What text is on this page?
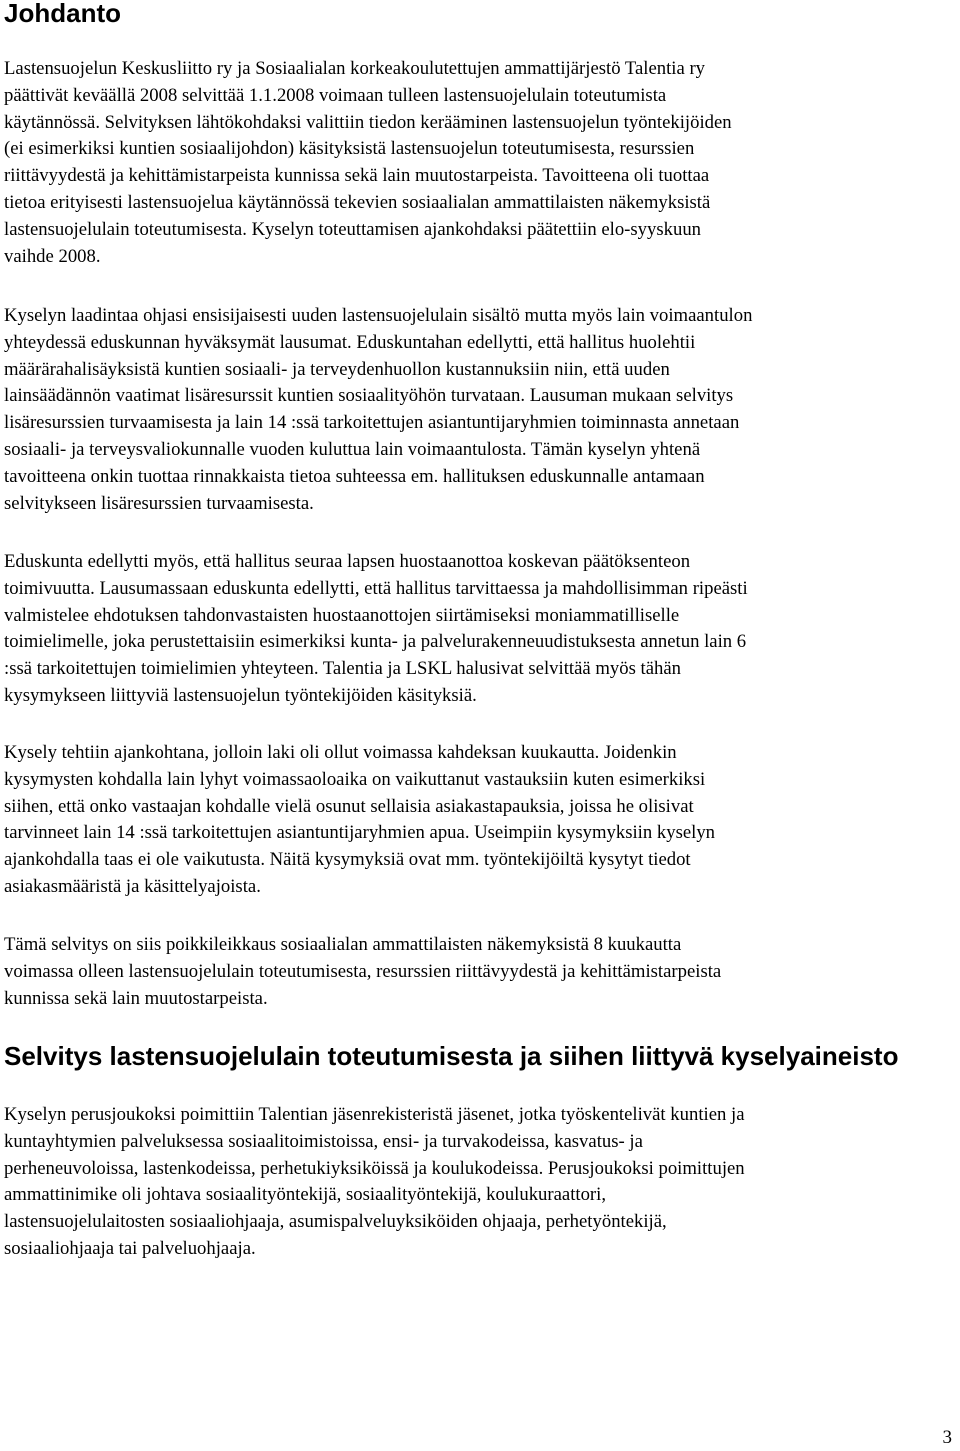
Johdanto
Lastensuojelun Keskusliitto ry ja Sosiaalialan korkeakoulutettujen ammattijärjestö Talentia ry
päättivät keväällä 2008 selvittää 1.1.2008 voimaan tulleen lastensuojelulain toteutumista
käytännössä. Selvityksen lähtökohdaksi valittiin tiedon kerääminen lastensuojelun työntekijöiden
(ei esimerkiksi kuntien sosiaalijohdon) käsityksistä lastensuojelun toteutumisesta, resurssien
riittävyydestä ja kehittämistarpeista kunnissa sekä lain muutostarpeista. Tavoitteena oli tuottaa
tietoa erityisesti lastensuojelua käytännössä tekevien sosiaalialan ammattilaisten näkemyksistä
lastensuojelulain toteutumisesta. Kyselyn toteuttamisen ajankohdaksi päätettiin elo-syyskuun
vaihde 2008.
Kyselyn laadintaa ohjasi ensisijaisesti uuden lastensuojelulain sisältö mutta myös lain voimaantulon
yhteydessä eduskunnan hyväksymät lausumat. Eduskuntahan edellytti, että hallitus huolehtii
määrärahalisäyksistä kuntien sosiaali- ja terveydenhuollon kustannuksiin niin, että uuden
lainsäädännön vaatimat lisäresurssit kuntien sosiaalityöhön turvataan. Lausuman mukaan selvitys
lisäresurssien turvaamisesta ja lain 14 :ssä tarkoitettujen asiantuntijaryhmien toiminnasta annetaan
sosiaali- ja terveysvaliokunnalle vuoden kuluttua lain voimaantulosta. Tämän kyselyn yhtenä
tavoitteena onkin tuottaa rinnakkaista tietoa suhteessa em. hallituksen eduskunnalle antamaan
selvitykseen lisäresurssien turvaamisesta.
Eduskunta edellytti myös, että hallitus seuraa lapsen huostaanottoa koskevan päätöksenteon
toimivuutta. Lausumassaan eduskunta edellytti, että hallitus tarvittaessa ja mahdollisimman ripeästi
valmistelee ehdotuksen tahdonvastaisten huostaanottojen siirtämiseksi moniammatilliselle
toimielimelle, joka perustettaisiin esimerkiksi kunta- ja palvelurakenneuudistuksesta annetun lain 6
:ssä tarkoitettujen toimielimien yhteyteen. Talentia ja LSKL halusivat selvittää myös tähän
kysymykseen liittyviä lastensuojelun työntekijöiden käsityksiä.
Kysely tehtiin ajankohtana, jolloin laki oli ollut voimassa kahdeksan kuukautta. Joidenkin
kysymysten kohdalla lain lyhyt voimassaoloaika on vaikuttanut vastauksiin kuten esimerkiksi
siihen, että onko vastaajan kohdalle vielä osunut sellaisia asiakastapauksia, joissa he olisivat
tarvinneet lain 14 :ssä tarkoitettujen asiantuntijaryhmien apua. Useimpiin kysymyksiin kyselyn
ajankohdalla taas ei ole vaikutusta. Näitä kysymyksiä ovat mm. työntekijöiltä kysytyt tiedot
asiakasmääristä ja käsittelyajoista.
Tämä selvitys on siis poikkileikkaus sosiaalialan ammattilaisten näkemyksistä 8 kuukautta
voimassa olleen lastensuojelulain toteutumisesta, resurssien riittävyydestä ja kehittämistarpeista
kunnissa sekä lain muutostarpeista.
Selvitys lastensuojelulain toteutumisesta ja siihen liittyvä kyselyaineisto
Kyselyn perusjoukoksi poimittiin Talentian jäsenrekisteristä jäsenet, jotka työskentelivät kuntien ja
kuntayhtymien palveluksessa sosiaalitoimistoissa, ensi- ja turvakodeissa, kasvatus- ja
perheneuvoloissa, lastenkodeissa, perhetukiyksiköissä ja koulukodeissa. Perusjoukoksi poimittujen
ammattinimike oli johtava sosiaalityöntekijä, sosiaalityöntekijä, koulukuraattori,
lastensuojelulaitosten sosiaaliohjaaja, asumispalveluyksiköiden ohjaaja, perhetyöntekijä,
sosiaaliohjaaja tai palveluohjaaja.
3
